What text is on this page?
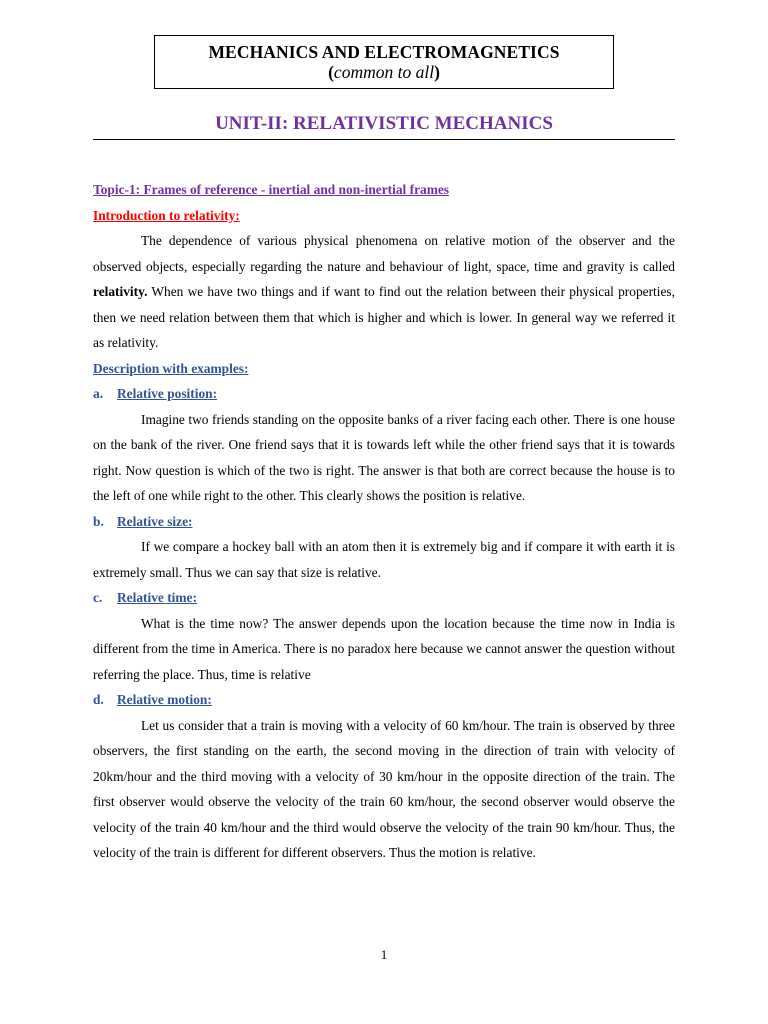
MECHANICS AND ELECTROMAGNETICS
(common to all)
UNIT-II: RELATIVISTIC MECHANICS
Topic-1: Frames of reference - inertial and non-inertial frames
Introduction to relativity:

The dependence of various physical phenomena on relative motion of the observer and the observed objects, especially regarding the nature and behaviour of light, space, time and gravity is called relativity. When we have two things and if want to find out the relation between their physical properties, then we need relation between them that which is higher and which is lower. In general way we referred it as relativity.

Description with examples:
a. Relative position:

Imagine two friends standing on the opposite banks of a river facing each other. There is one house on the bank of the river. One friend says that it is towards left while the other friend says that it is towards right. Now question is which of the two is right. The answer is that both are correct because the house is to the left of one while right to the other. This clearly shows the position is relative.

b. Relative size:

If we compare a hockey ball with an atom then it is extremely big and if compare it with earth it is extremely small. Thus we can say that size is relative.

c. Relative time:

What is the time now? The answer depends upon the location because the time now in India is different from the time in America. There is no paradox here because we cannot answer the question without referring the place. Thus, time is relative

d. Relative motion:

Let us consider that a train is moving with a velocity of 60 km/hour. The train is observed by three observers, the first standing on the earth, the second moving in the direction of train with velocity of 20km/hour and the third moving with a velocity of 30 km/hour in the opposite direction of the train. The first observer would observe the velocity of the train 60 km/hour, the second observer would observe the velocity of the train 40 km/hour and the third would observe the velocity of the train 90 km/hour. Thus, the velocity of the train is different for different observers. Thus the motion is relative.

1
